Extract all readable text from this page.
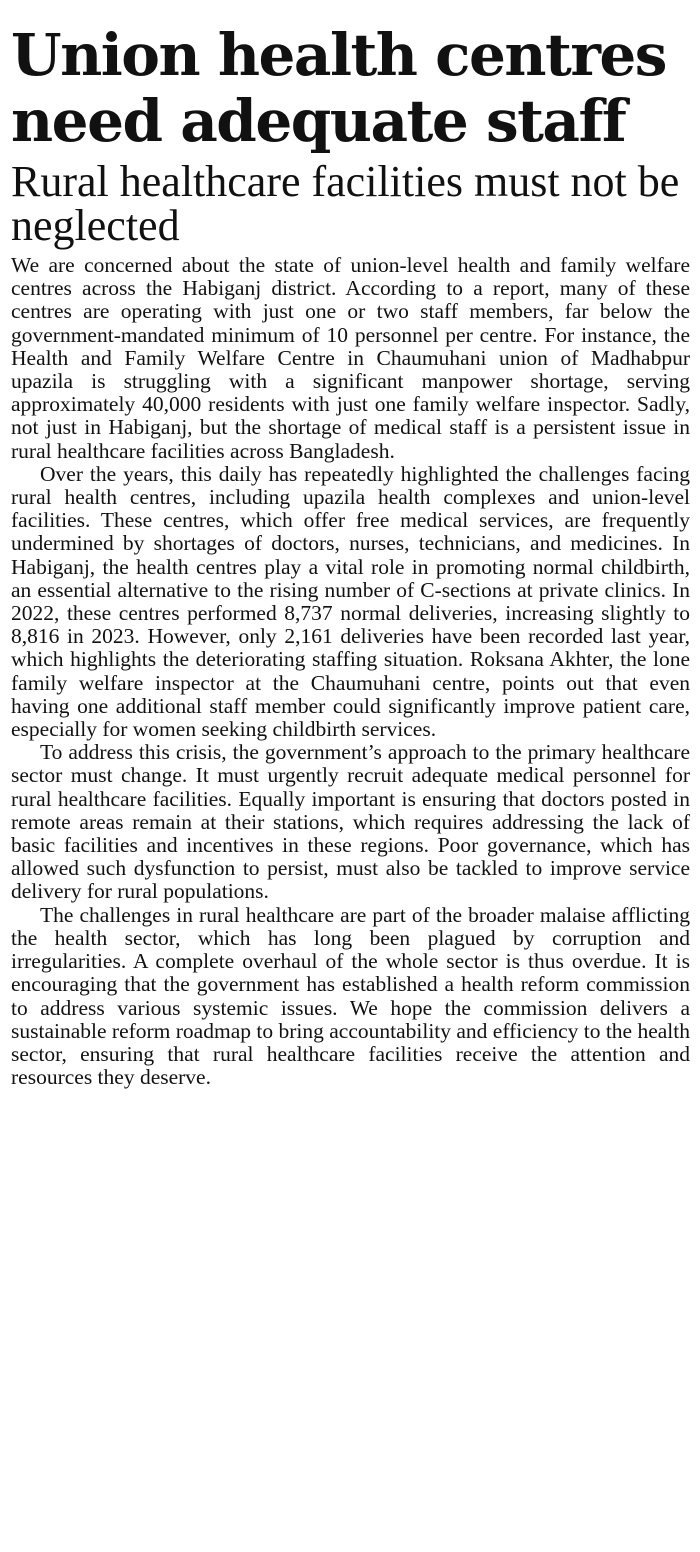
Union health centres need adequate staff
Rural healthcare facilities must not be neglected

We are concerned about the state of union-level health and family welfare centres across the Habiganj district. According to a report, many of these centres are operating with just one or two staff members, far below the government-mandated minimum of 10 personnel per centre. For instance, the Health and Family Welfare Centre in Chaumuhani union of Madhabpur upazila is struggling with a significant manpower shortage, serving approximately 40,000 residents with just one family welfare inspector. Sadly, not just in Habiganj, but the shortage of medical staff is a persistent issue in rural healthcare facilities across Bangladesh.

Over the years, this daily has repeatedly highlighted the challenges facing rural health centres, including upazila health complexes and union-level facilities. These centres, which offer free medical services, are frequently undermined by shortages of doctors, nurses, technicians, and medicines. In Habiganj, the health centres play a vital role in promoting normal childbirth, an essential alternative to the rising number of C-sections at private clinics. In 2022, these centres performed 8,737 normal deliveries, increasing slightly to 8,816 in 2023. However, only 2,161 deliveries have been recorded last year, which highlights the deteriorating staffing situation. Roksana Akhter, the lone family welfare inspector at the Chaumuhani centre, points out that even having one additional staff member could significantly improve patient care, especially for women seeking childbirth services.

To address this crisis, the government’s approach to the primary healthcare sector must change. It must urgently recruit adequate medical personnel for rural healthcare facilities. Equally important is ensuring that doctors posted in remote areas remain at their stations, which requires addressing the lack of basic facilities and incentives in these regions. Poor governance, which has allowed such dysfunction to persist, must also be tackled to improve service delivery for rural populations.

The challenges in rural healthcare are part of the broader malaise afflicting the health sector, which has long been plagued by corruption and irregularities. A complete overhaul of the whole sector is thus overdue. It is encouraging that the government has established a health reform commission to address various systemic issues. We hope the commission delivers a sustainable reform roadmap to bring accountability and efficiency to the health sector, ensuring that rural healthcare facilities receive the attention and resources they deserve.
